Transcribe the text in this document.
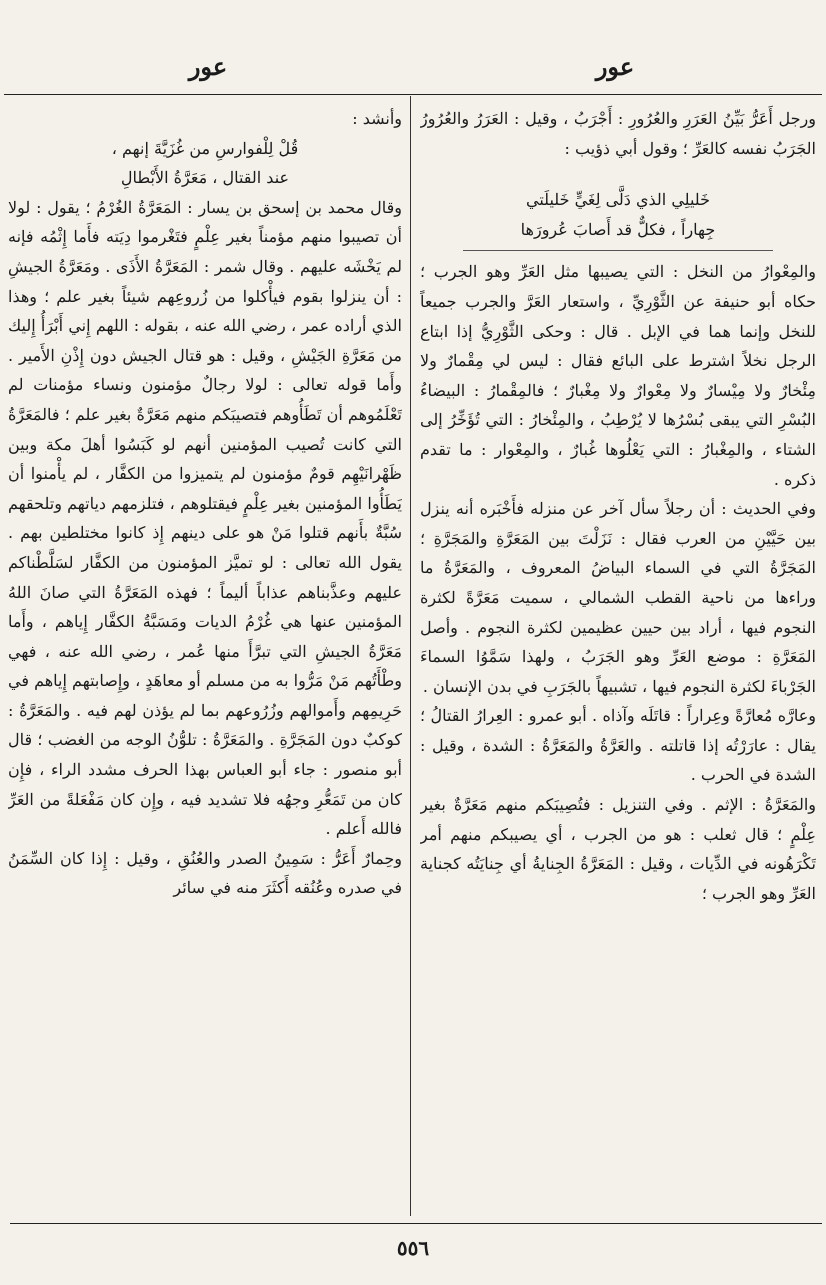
عور
عور

ورجل أَعَرُّ بَيِّنُ العَرَرِ والعُرُورِ : أَجْرَبُ ، وقيل : العَرَرُ والعُرُورُ الجَرَبُ نفسه كالعَرِّ ؛ وقول أبي ذؤيب :

خَليلِي الذي دَلَّى لِغَيٍّ خَليلَتي

جِهاراً ، فكلٌّ قد أَصابَ عُرورَها

والمِعْوارُ من النخل : التي يصيبها مثل العَرِّ وهو الجرب ؛ حكاه أبو حنيفة عن الثَّوْرِيِّ ، واستعار العَرَّ والجرب جميعاً للنخل وإنما هما في الإبل . قال : وحكى الثَّوْرِيُّ إذا ابتاع الرجل نخلاً اشترط على البائع فقال : ليس لي مِقْمارٌ ولا مِئْخارٌ ولا مِيْسارٌ ولا مِعْوارٌ ولا مِغْبارٌ ؛ فالمِقْمارُ : البيضاءُ البُسْرِ التي يبقى بُسْرُها لا يُرْطِبُ ، والمِئْخارُ : التي تُؤَخِّرُ إلى الشتاء ، والمِغْبارُ : التي يَعْلُوها غُبارٌ ، والمِعْوار : ما تقدم ذكره .

وفي الحديث : أن رجلاً سأل آخر عن منزله فأَخْبَره أنه ينزل بين حَيَّيْنِ من العرب فقال : نَزَلْتَ بين المَعَرَّةِ والمَجَرَّةِ ؛ المَجَرَّةُ التي في السماء البياضُ المعروف ، والمَعَرَّةُ ما وراءها من ناحية القطب الشمالي ، سميت مَعَرَّةً لكثرة النجوم فيها ، أراد بين حيين عظيمين لكثرة النجوم . وأصل المَعَرَّةِ : موضع العَرِّ وهو الجَرَبُ ، ولهذا سَمَّوُا السماءَ الجَرْباءَ لكثرة النجوم فيها ، تشبيهاً بالجَرَبِ في بدن الإنسان .

وعارَّه مُعارَّةً وعِراراً : قاتَلَه وآذاه . أبو عمرو : العِرارُ القتالُ ؛ يقال : عارَرْتُه إذا قاتلته . والعَرَّةُ والمَعَرَّةُ : الشدة ، وقيل : الشدة في الحرب .

والمَعَرَّةُ : الإثم . وفي التنزيل : فتُصِيبَكم منهم مَعَرَّةٌ بغير عِلْمٍ ؛ قال ثعلب : هو من الجرب ، أي يصيبكم منهم أمر تَكْرَهُونه في الدِّيات ، وقيل : المَعَرَّةُ الجِنايةُ أي جِنايَتُه كجناية العَرِّ وهو الجرب ؛

وأنشد :

قُلْ لِلْفوارسِ من غُزَيَّةَ إنهم ،

عند القتال ، مَعَرَّةُ الأَبْطالِ

وقال محمد بن إسحق بن يسار : المَعَرَّةُ الغُرْمُ ؛ يقول : لولا أن تصيبوا منهم مؤمناً بغير عِلْمٍ فتَغْرموا دِيَته فأَما إِثْمُه فإنه لم يَخْشَه عليهم . وقال شمر : المَعَرَّةُ الأَذَى . ومَعَرَّةُ الجيشِ : أن ينزلوا بقوم فيأْكلوا من زُروعِهم شيئاً بغير علم ؛ وهذا الذي أراده عمر ، رضي الله عنه ، بقوله : اللهم إِني أَبْرَأُ إِليك من مَعَرَّةِ الجَيْشِ ، وقيل : هو قتال الجيش دون إِذْنِ الأَمير . وأَما قوله تعالى : لولا رجالٌ مؤمنون ونساء مؤمنات لم تَعْلَمُوهم أن تَطَأُوهم فتصيبَكم منهم مَعَرَّةٌ بغير علم ؛ فالمَعَرَّةُ التي كانت تُصيب المؤمنين أنهم لو كَبَسُوا أهلَ مكة وبين ظَهْرانَيْهِم قومٌ مؤمنون لم يتميزوا من الكفَّار ، لم يأْمنوا أن يَطَأُوا المؤمنين بغير عِلْمٍ فيقتلوهم ، فتلزمهم دياتهم وتلحقهم سُبَّةٌ بأَنهم قتلوا مَنْ هو على دينهم إِذ كانوا مختلطين بهم . يقول الله تعالى : لو تميَّز المؤمنون من الكفَّار لسَلَّطْناكم عليهم وعذَّبناهم عذاباً أليماً ؛ فهذه المَعَرَّةُ التي صانَ اللهُ المؤمنين عنها هي غُرْمُ الديات ومَسَبَّةُ الكفَّار إِياهم ، وأَما مَعَرَّةُ الجيشِ التي تبرَّأَ منها عُمر ، رضي الله عنه ، فهي وطْأَتُهم مَنْ مَرُّوا به من مسلم أو معاهَدٍ ، وإِصابتهم إِياهم في حَرِيمِهم وأَموالهم وزُرُوعهم بما لم يؤذن لهم فيه . والمَعَرَّةُ : كوكبٌ دون المَجَرَّةِ . والمَعَرَّةُ : تلوُّنُ الوجه من الغضب ؛ قال أبو منصور : جاء أبو العباس بهذا الحرف مشدد الراء ، فإِن كان من تَمَعُّرِ وجهُه فلا تشديد فيه ، وإِن كان مَفْعَلةً من العَرِّ فالله أَعلم .

وحِمارٌ أَعَرُّ : سَمِينُ الصدر والعُنُقِ ، وقيل : إِذا كان السِّمَنُ في صدره وعُنُقه أَكثَرَ منه في سائر

٥٥٦
